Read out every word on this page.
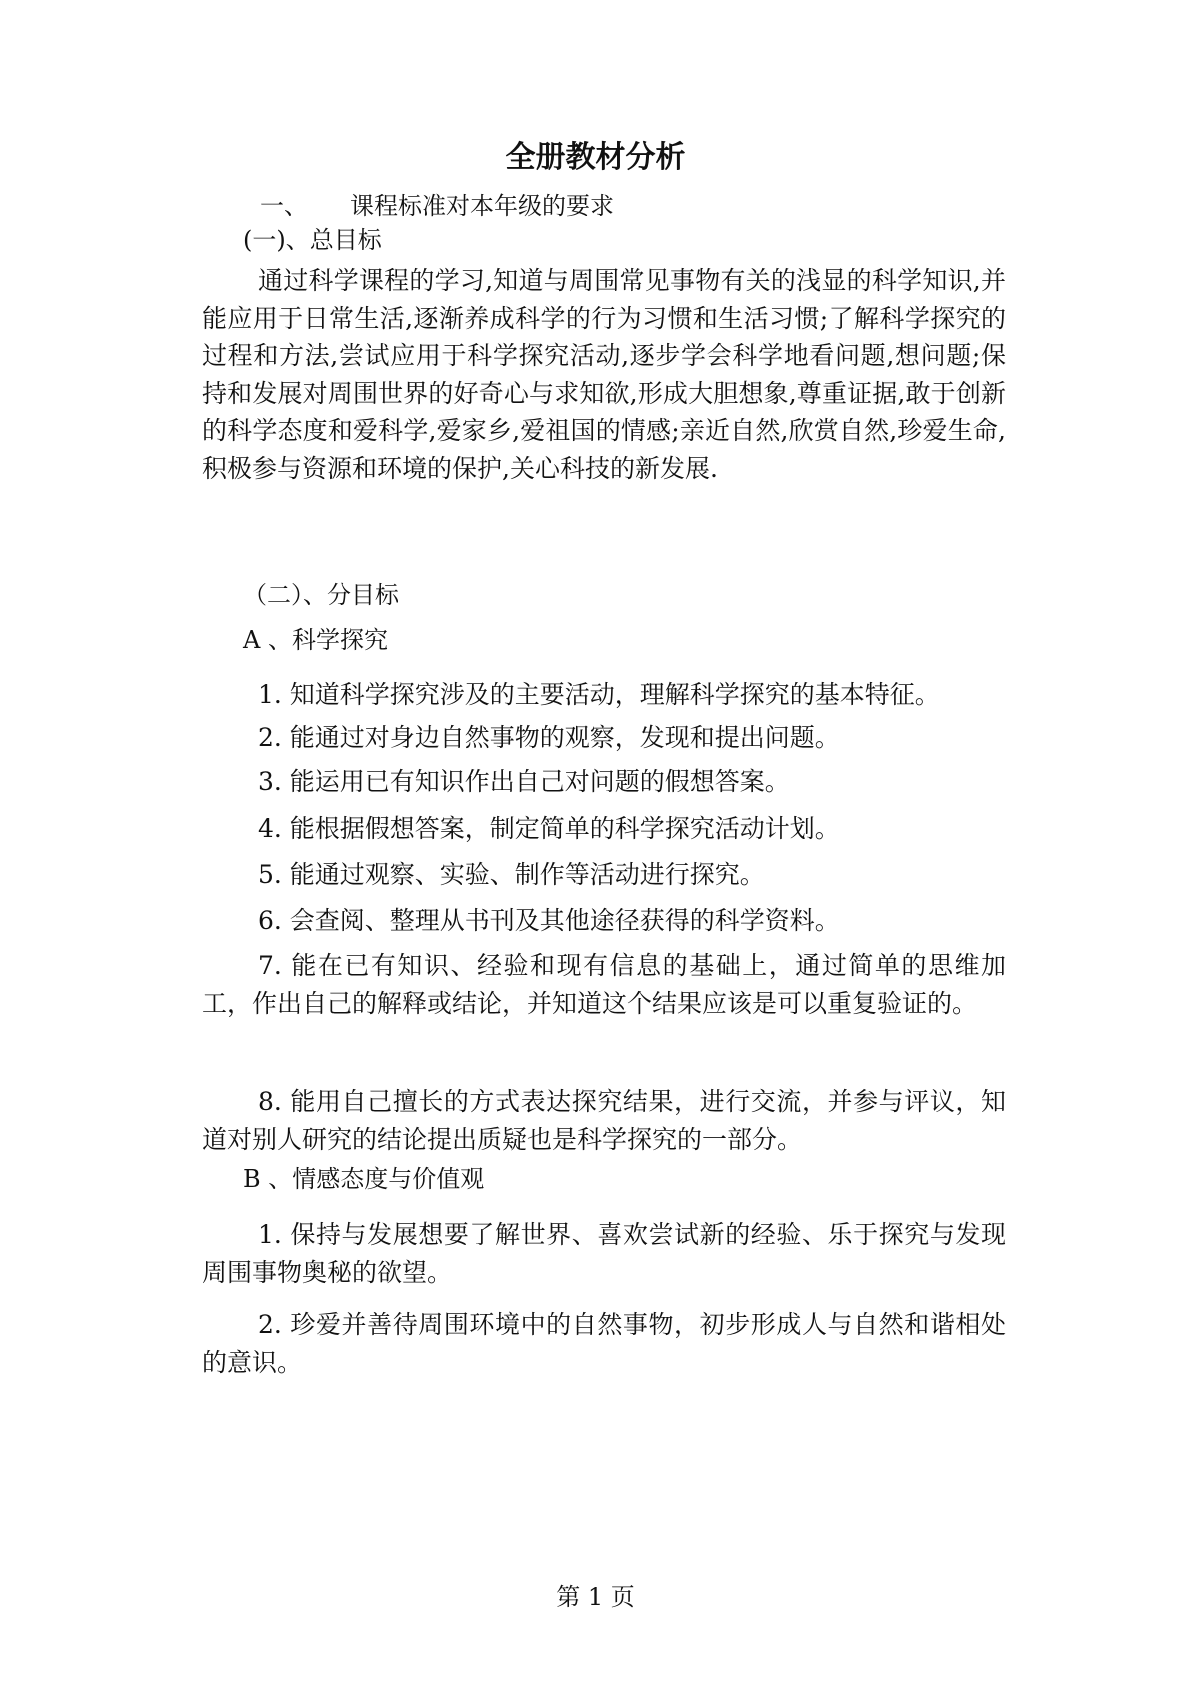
全册教材分析
一、 课程标准对本年级的要求
(一)、总目标

通过科学课程的学习,知道与周围常见事物有关的浅显的科学知识,并能应用于日常生活,逐渐养成科学的行为习惯和生活习惯;了解科学探究的过程和方法,尝试应用于科学探究活动,逐步学会科学地看问题,想问题;保持和发展对周围世界的好奇心与求知欲,形成大胆想象,尊重证据,敢于创新的科学态度和爱科学,爱家乡,爱祖国的情感;亲近自然,欣赏自然,珍爱生命,积极参与资源和环境的保护,关心科技的新发展.

（二）、分目标
A 、科学探究

1. 知道科学探究涉及的主要活动，理解科学探究的基本特征。

2. 能通过对身边自然事物的观察，发现和提出问题。

3. 能运用已有知识作出自己对问题的假想答案。

4. 能根据假想答案，制定简单的科学探究活动计划。

5. 能通过观察、实验、制作等活动进行探究。

6. 会查阅、整理从书刊及其他途径获得的科学资料。

7. 能在已有知识、经验和现有信息的基础上，通过简单的思维加工，作出自己的解释或结论，并知道这个结果应该是可以重复验证的。

8. 能用自己擅长的方式表达探究结果，进行交流，并参与评议，知道对别人研究的结论提出质疑也是科学探究的一部分。

B 、情感态度与价值观

1. 保持与发展想要了解世界、喜欢尝试新的经验、乐于探究与发现周围事物奥秘的欲望。

2. 珍爱并善待周围环境中的自然事物，初步形成人与自然和谐相处的意识。

第 1 页
